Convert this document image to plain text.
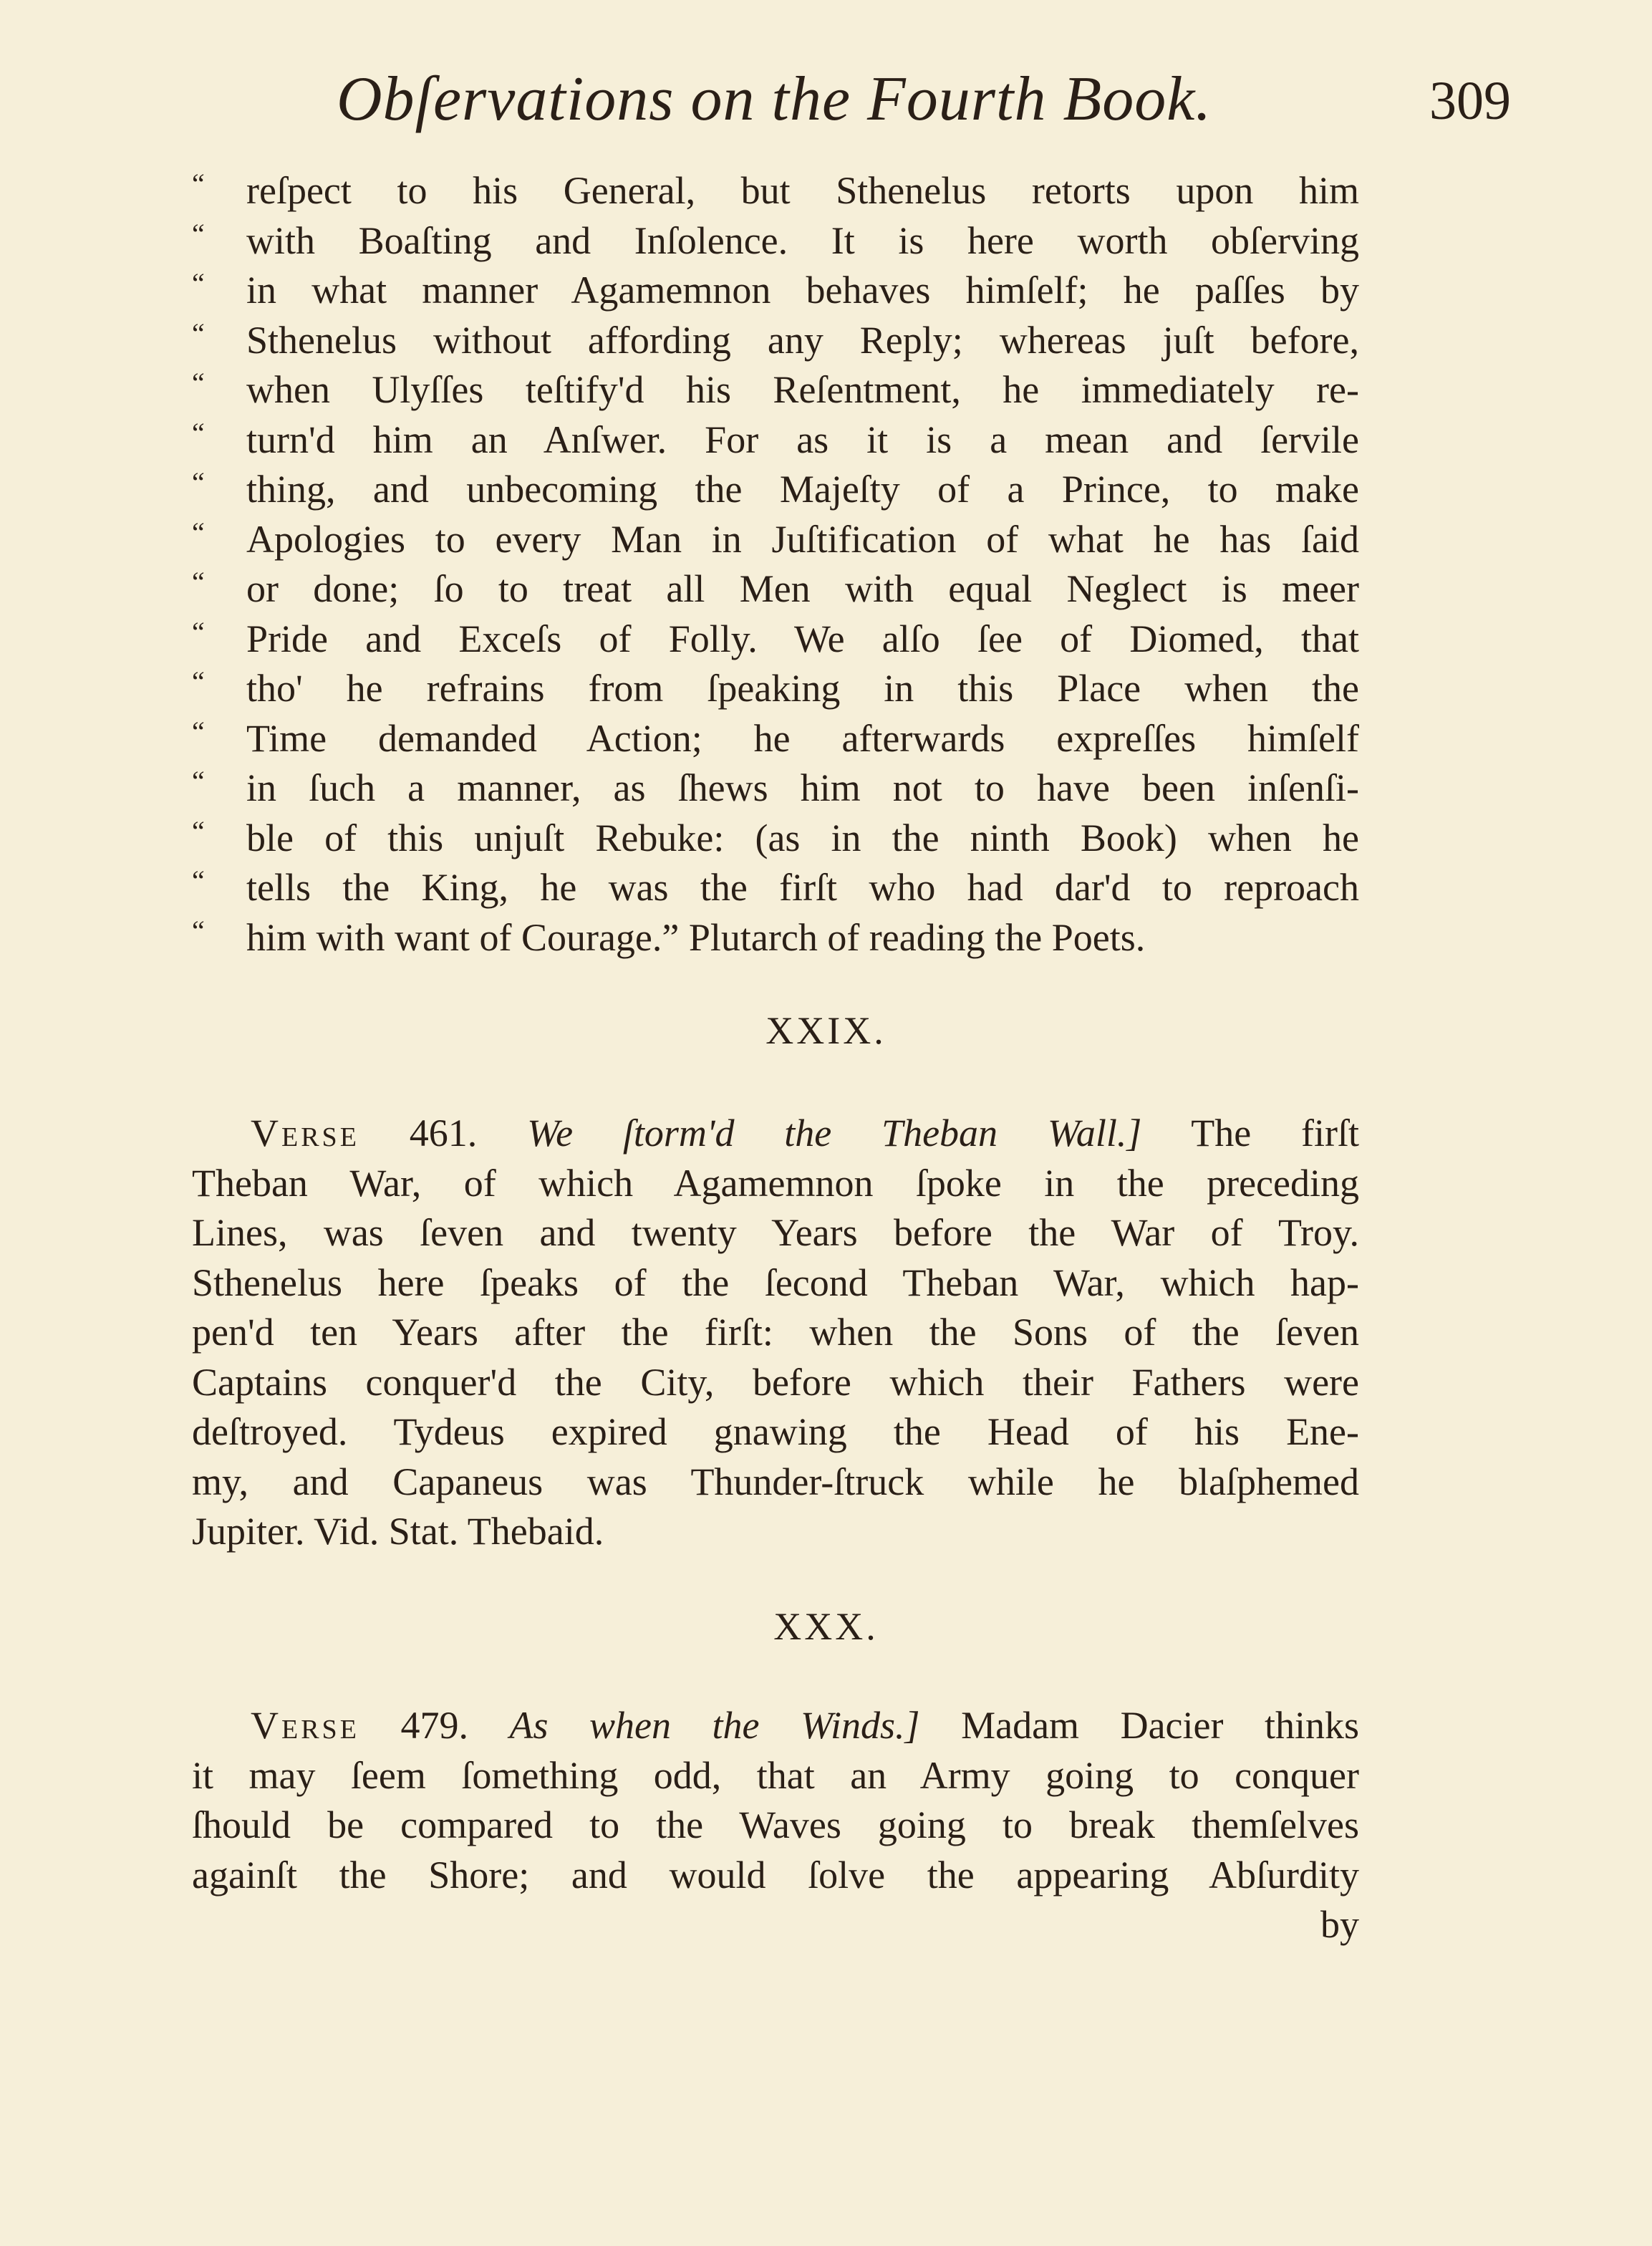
Obſervations on the Fourth Book.	309
“	reſpect to his General, but Sthenelus retorts upon him
“	with Boaſting and Inſolence. It is here worth obſerving
“	in what manner Agamemnon behaves himſelf; he paſſes by
“	Sthenelus without affording any Reply; whereas juſt before,
“	when Ulyſſes teſtify'd his Reſentment, he immediately re-
“	turn'd him an Anſwer. For as it is a mean and ſervile
“	thing, and unbecoming the Majeſty of a Prince, to make
“	Apologies to every Man in Juſtification of what he has ſaid
“	or done; ſo to treat all Men with equal Neglect is meer
“	Pride and Exceſs of Folly. We alſo ſee of Diomed, that
“	tho' he refrains from ſpeaking in this Place when the
“	Time demanded Action; he afterwards expreſſes himſelf
“	in ſuch a manner, as ſhews him not to have been inſenſi-
“	ble of this unjuſt Rebuke: (as in the ninth Book) when he
“	tells the King, he was the firſt who had dar'd to reproach
“	him with want of Courage.” Plutarch of reading the Poets.
XXIX.
Verse 461. We ſtorm'd the Theban Wall.] The firſt
Theban War, of which Agamemnon ſpoke in the preceding
Lines, was ſeven and twenty Years before the War of Troy.
Sthenelus here ſpeaks of the ſecond Theban War, which hap-
pen'd ten Years after the firſt: when the Sons of the ſeven
Captains conquer'd the City, before which their Fathers were
deſtroyed. Tydeus expired gnawing the Head of his Ene-
my, and Capaneus was Thunder-ſtruck while he blaſphemed
Jupiter. Vid. Stat. Thebaid.
XXX.
Verse 479. As when the Winds.] Madam Dacier thinks
it may ſeem ſomething odd, that an Army going to conquer
ſhould be compared to the Waves going to break themſelves
againſt the Shore; and would ſolve the appearing Abſurdity
by
